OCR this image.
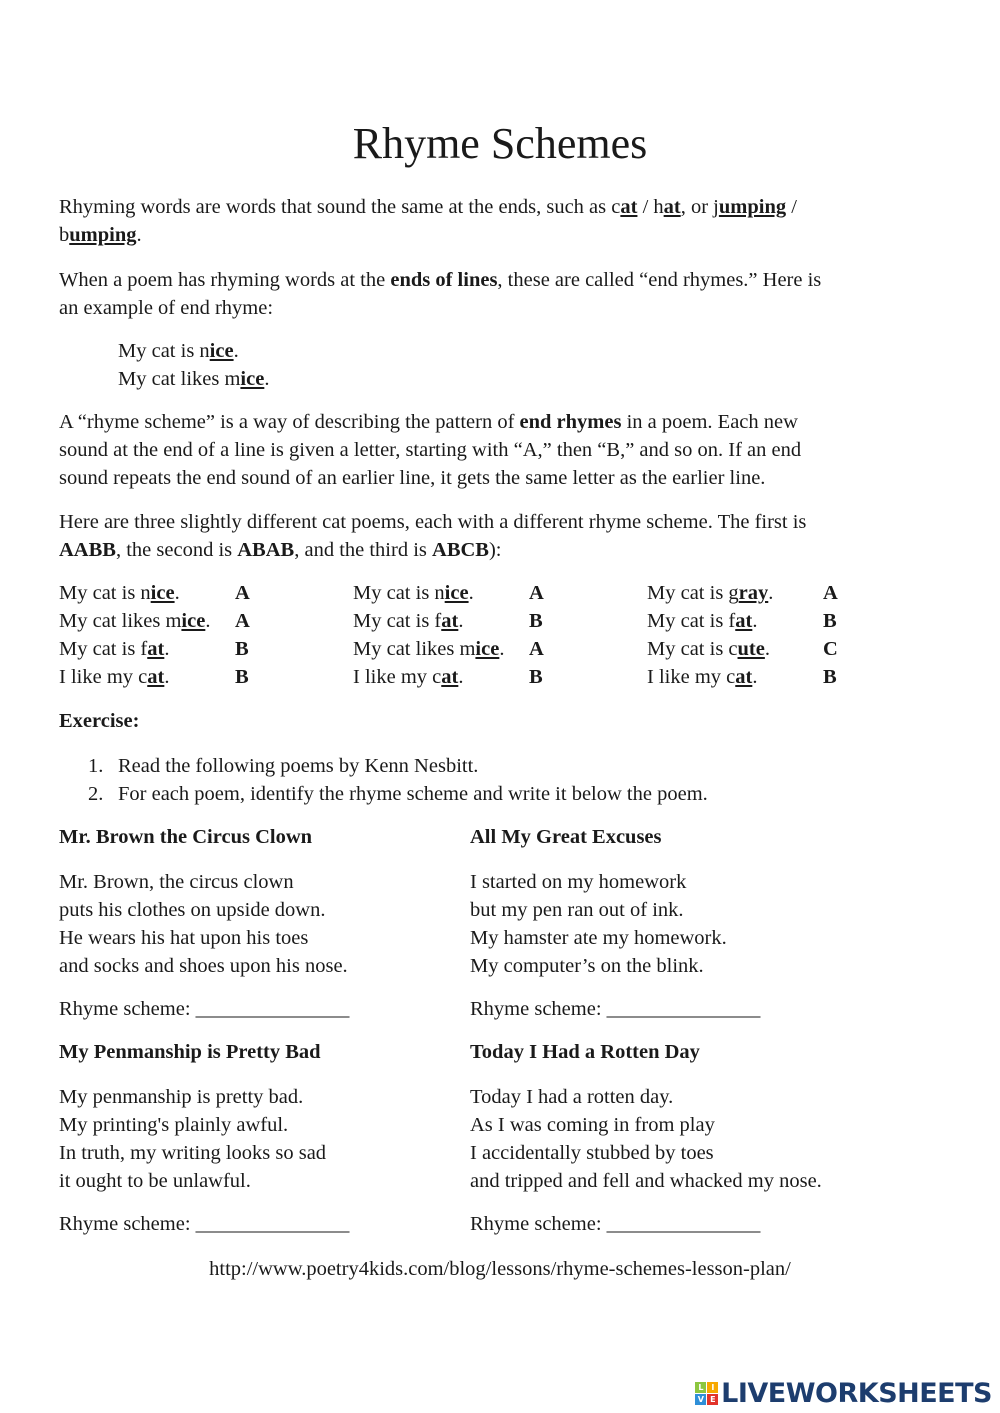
Rhyme Schemes
http://www.poetry4kids.com/blog/lessons/rhyme-schemes-lesson-plan/
L	I
V E LIVEWORKSHEETS
Rhyming words are words that sound the same at the ends, such as cat / hat, or jumping /
bumping.
When a poem has rhyming words at the ends of lines, these are called “end rhymes.” Here is
an example of end rhyme:
A “rhyme scheme” is a way of describing the pattern of end rhymes in a poem. Each new
sound at the end of a line is given a letter, starting with “A,” then “B,” and so on. If an end
sound repeats the end sound of an earlier line, it gets the same letter as the earlier line.
Here are three slightly different cat poems, each with a different rhyme scheme. The first is
AABB, the second is ABAB, and the third is ABCB):
My cat is nice.
My cat likes mice.
My cat is nice.	A
My cat likes mice. A
My cat is fat.	B
I like my cat.	B
My cat is nice.	A
My cat is fat.	B
My cat likes mice. A
I like my cat.	B
My cat is gray. A
My cat is fat.	B
My cat is cute.	C
I like my cat.	B
Exercise:
1. Read the following poems by Kenn Nesbitt.
2. For each poem, identify the rhyme scheme and write it below the poem.
Mr. Brown the Circus Clown
Mr. Brown, the circus clown
puts his clothes on upside down.
He wears his hat upon his toes
and socks and shoes upon his nose.
Rhyme scheme: _______________
All My Great Excuses
I started on my homework
but my pen ran out of ink.
My hamster ate my homework.
My computer’s on the blink.
Rhyme scheme: _______________
My Penmanship is Pretty Bad
My penmanship is pretty bad.
My printing's plainly awful.
In truth, my writing looks so sad
it ought to be unlawful.
Rhyme scheme: _______________
Today I Had a Rotten Day
Today I had a rotten day.
As I was coming in from play
I accidentally stubbed by toes
and tripped and fell and whacked my nose.
Rhyme scheme: _______________
